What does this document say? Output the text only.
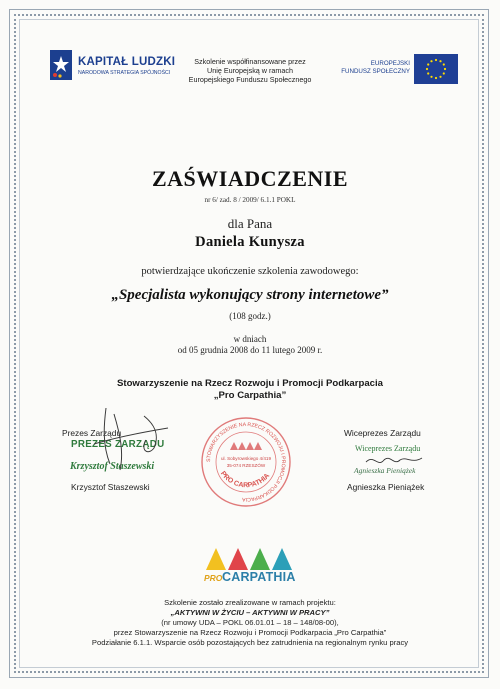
KAPITAŁ LUDZKI
NARODOWA STRATEGIA SPÓJNOŚCI
Szkolenie współfinansowane przez
Unię Europejską w ramach
Europejskiego Funduszu Społecznego
EUROPEJSKI
FUNDUSZ SPOŁECZNY
ZAŚWIADCZENIE
nr 6/ zad. 8 / 2009/ 6.1.1 POKL
dla Pana
Daniela Kunysza
potwierdzające ukończenie szkolenia zawodowego:
„Specjalista wykonujący strony internetowe”
(108 godz.)
w dniach
od 05 grudnia 2008 do 11 lutego 2009 r.
Stowarzyszenie na Rzecz Rozwoju i Promocji Podkarpacia
„Pro Carpathia”
Prezes Zarządu
PREZES ZARZĄDU
Krzysztof Staszewski
Krzysztof Staszewski
STOWARZYSZENIE NA RZECZ ROZWOJU I PROMOCJI PODKARPACIA
ul. Sobyrowskiego 4/419
35-074 RZESZÓW
PRO CARPATHIA
Wiceprezes Zarządu
Wiceprezes Zarządu
Agnieszka Pieniążek
Agnieszka Pieniążek
PRO CARPATHIA
Szkolenie zostało zrealizowane w ramach projektu:
„AKTYWNI W ŻYCIU – AKTYWNI W PRACY”
(nr umowy UDA – POKL 06.01.01 – 18 – 148/08-00),
przez Stowarzyszenie na Rzecz Rozwoju i Promocji Podkarpacia „Pro Carpathia”
Podziałanie 6.1.1. Wsparcie osób pozostających bez zatrudnienia na regionalnym rynku pracy
